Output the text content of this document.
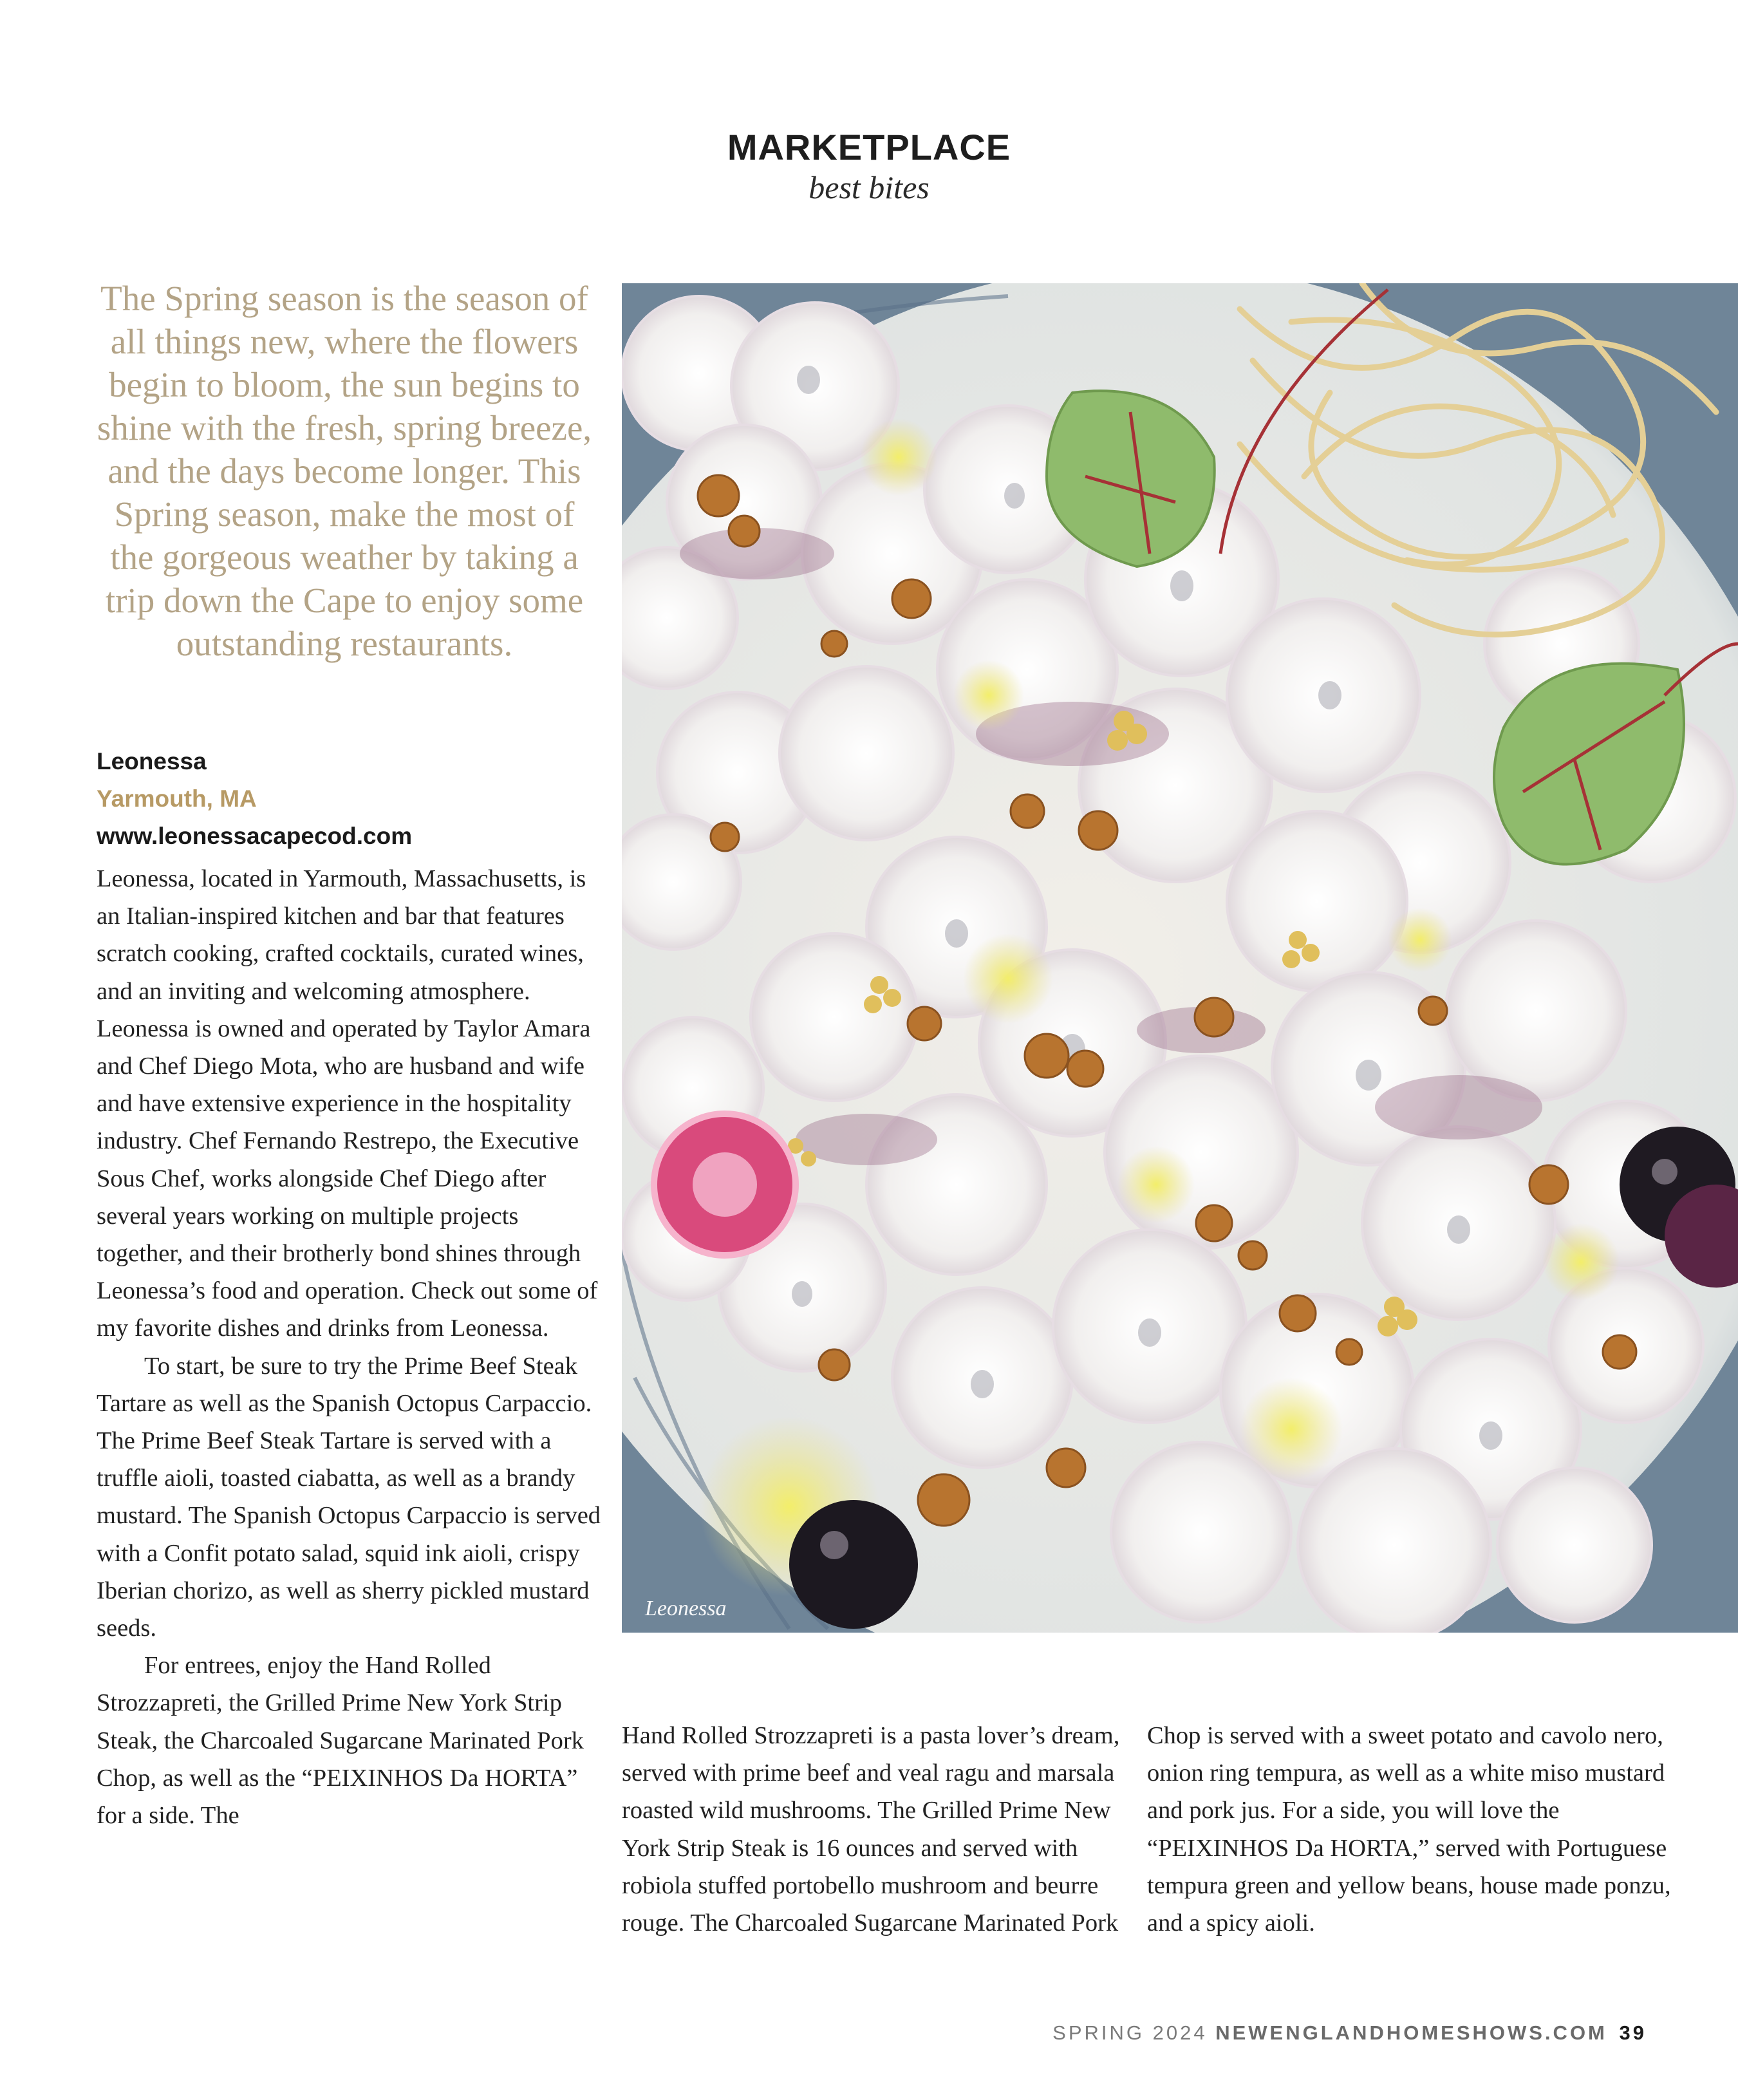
MARKETPLACE
best bites
The Spring season is the season of all things new, where the flowers begin to bloom, the sun begins to shine with the fresh, spring breeze, and the days become longer. This Spring season, make the most of the gorgeous weather by taking a trip down the Cape to enjoy some outstanding restaurants.
Leonessa
Yarmouth, MA
www.leonessacapecod.com

Leonessa, located in Yarmouth, Massachusetts, is an Italian-inspired kitchen and bar that features scratch cooking, crafted cocktails, curated wines, and an inviting and welcoming atmosphere. Leonessa is owned and operated by Taylor Amara and Chef Diego Mota, who are husband and wife and have extensive experience in the hospitality industry. Chef Fernando Restrepo, the Executive Sous Chef, works alongside Chef Diego after several years working on multiple projects together, and their brotherly bond shines through Leonessa’s food and operation. Check out some of my favorite dishes and drinks from Leonessa.

To start, be sure to try the Prime Beef Steak Tartare as well as the Spanish Octopus Carpaccio. The Prime Beef Steak Tartare is served with a truffle aioli, toasted ciabatta, as well as a brandy mustard. The Spanish Octopus Carpaccio is served with a Confit potato salad, squid ink aioli, crispy Iberian chorizo, as well as sherry pickled mustard seeds.

For entrees, enjoy the Hand Rolled Strozzapreti, the Grilled Prime New York Strip Steak, the Charcoaled Sugarcane Marinated Pork Chop, as well as the “PEIXINHOS Da HORTA” for a side. The

Leonessa

Hand Rolled Strozzapreti is a pasta lover’s dream, served with prime beef and veal ragu and marsala roasted wild mushrooms. The Grilled Prime New York Strip Steak is 16 ounces and served with robiola stuffed portobello mushroom and beurre rouge. The Charcoaled Sugarcane Marinated Pork

Chop is served with a sweet potato and cavolo nero, onion ring tempura, as well as a white miso mustard and pork jus. For a side, you will love the “PEIXINHOS Da HORTA,” served with Portuguese tempura green and yellow beans, house made ponzu, and a spicy aioli.

SPRING 2024 NEWENGLANDHOMESHOWS.COM 39
